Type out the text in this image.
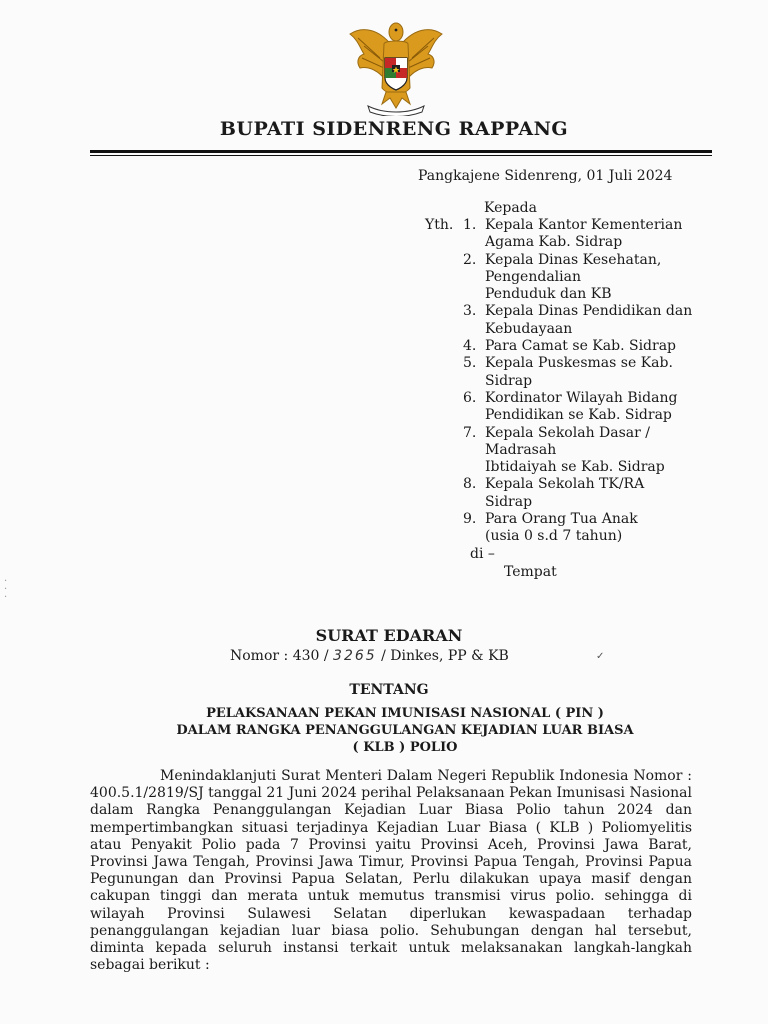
BUPATI SIDENRENG RAPPANG
Pangkajene Sidenreng, 01 Juli 2024
Kepada
Yth. 1. Kepala Kantor Kementerian
Agama Kab. Sidrap
2. Kepala Dinas Kesehatan,
Pengendalian
Penduduk dan KB
3. Kepala Dinas Pendidikan dan
Kebudayaan
4. Para Camat se Kab. Sidrap
5. Kepala Puskesmas se Kab.
Sidrap
6. Kordinator Wilayah Bidang
Pendidikan se Kab. Sidrap
7. Kepala Sekolah Dasar /
Madrasah
Ibtidaiyah se Kab. Sidrap
8. Kepala Sekolah TK/RA
Sidrap
9. Para Orang Tua Anak
(usia 0 s.d 7 tahun)
di –
Tempat
·
·
·
SURAT EDARAN
Nomor : 430 / 3265 / Dinkes, PP & KB	✓
TENTANG
PELAKSANAAN PEKAN IMUNISASI NASIONAL ( PIN )
DALAM RANGKA PENANGGULANGAN KEJADIAN LUAR BIASA
( KLB ) POLIO
Menindaklanjuti Surat Menteri Dalam Negeri Republik Indonesia Nomor : 400.5.1/2819/SJ tanggal 21 Juni 2024 perihal Pelaksanaan Pekan Imunisasi Nasional dalam Rangka Penanggulangan Kejadian Luar Biasa Polio tahun 2024 dan mempertimbangkan situasi terjadinya Kejadian Luar Biasa ( KLB ) Poliomyelitis atau Penyakit Polio pada 7 Provinsi yaitu Provinsi Aceh, Provinsi Jawa Barat, Provinsi Jawa Tengah, Provinsi Jawa Timur, Provinsi Papua Tengah, Provinsi Papua Pegunungan dan Provinsi Papua Selatan, Perlu dilakukan upaya masif dengan cakupan tinggi dan merata untuk memutus transmisi virus polio. sehingga di wilayah Provinsi Sulawesi Selatan diperlukan kewaspadaan terhadap penanggulangan kejadian luar biasa polio. Sehubungan dengan hal tersebut, diminta kepada seluruh instansi terkait untuk melaksanakan langkah-langkah sebagai berikut :
